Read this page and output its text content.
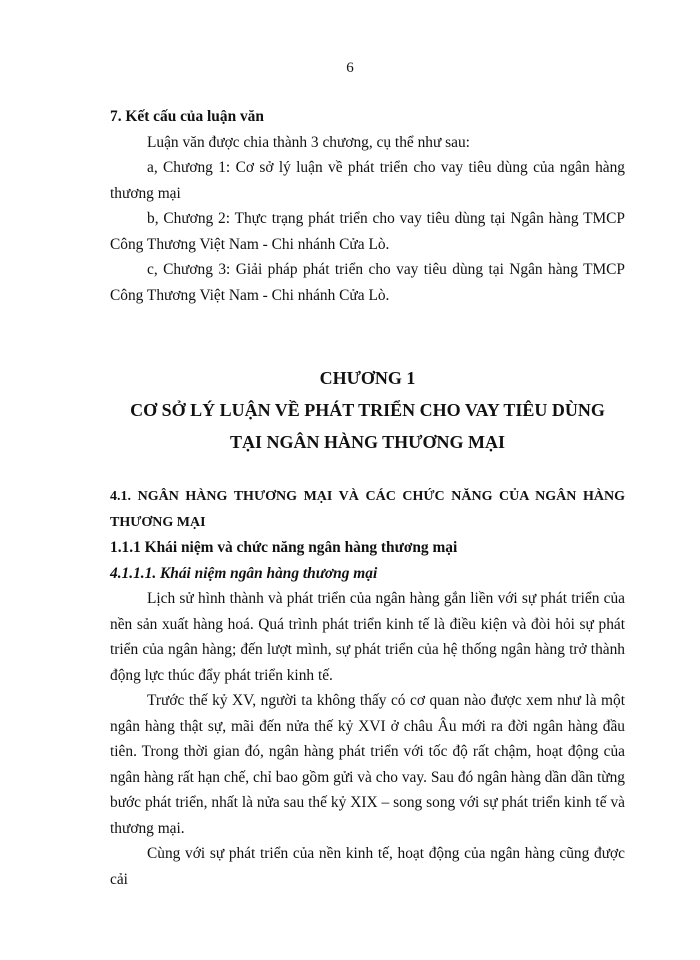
6

7. Kết cấu của luận văn

Luận văn được chia thành 3 chương, cụ thể như sau:

a, Chương 1: Cơ sở lý luận về phát triển cho vay tiêu dùng của ngân hàng thương mại

b, Chương 2: Thực trạng phát triển cho vay tiêu dùng tại Ngân hàng TMCP Công Thương Việt Nam - Chi nhánh Cửa Lò.

c, Chương 3: Giải pháp phát triển cho vay tiêu dùng tại Ngân hàng TMCP Công Thương Việt Nam - Chi nhánh Cửa Lò.

CHƯƠNG 1

CƠ SỞ LÝ LUẬN VỀ PHÁT TRIỂN CHO VAY TIÊU DÙNG

TẠI NGÂN HÀNG THƯƠNG MẠI

4.1. NGÂN HÀNG THƯƠNG MẠI VÀ CÁC CHỨC NĂNG CỦA NGÂN HÀNG THƯƠNG MẠI

1.1.1 Khái niệm và chức năng ngân hàng thương mại

4.1.1.1. Khái niệm ngân hàng thương mại

Lịch sử hình thành và phát triển của ngân hàng gắn liền với sự phát triển của nền sản xuất hàng hoá. Quá trình phát triển kinh tế là điều kiện và đòi hỏi sự phát triển của ngân hàng; đến lượt mình, sự phát triển của hệ thống ngân hàng trở thành động lực thúc đẩy phát triển kinh tế.

Trước thế kỷ XV, người ta không thấy có cơ quan nào được xem như là một ngân hàng thật sự, mãi đến nửa thế kỷ XVI ở châu Âu mới ra đời ngân hàng đầu tiên. Trong thời gian đó, ngân hàng phát triển với tốc độ rất chậm, hoạt động của ngân hàng rất hạn chế, chỉ bao gồm gửi và cho vay. Sau đó ngân hàng dần dần từng bước phát triển, nhất là nửa sau thế kỷ XIX – song song với sự phát triển kinh tế và thương mại.

Cùng với sự phát triển của nền kinh tế, hoạt động của ngân hàng cũng được cải
